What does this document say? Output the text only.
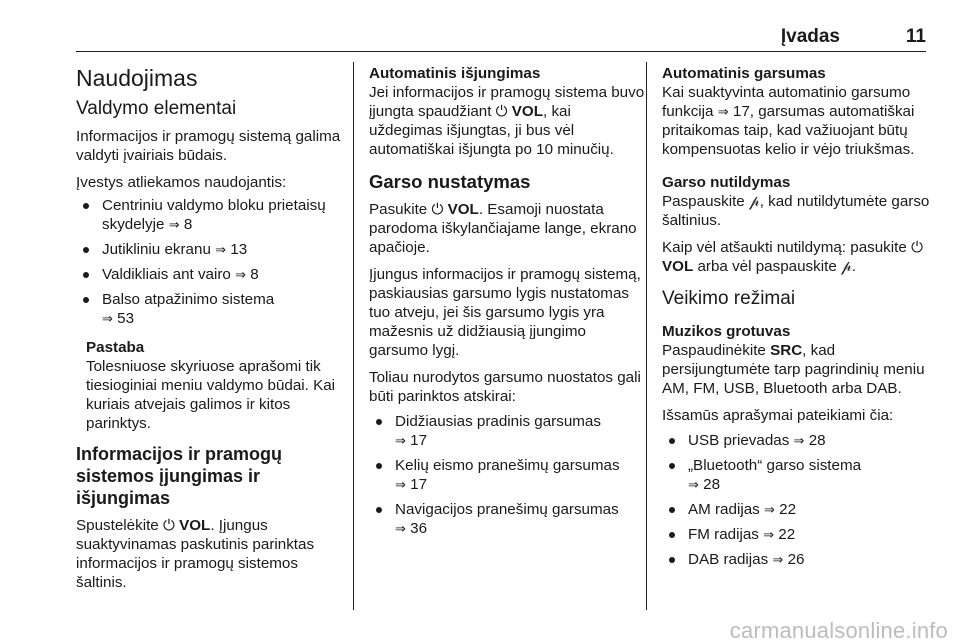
Įvadas	11
Naudojimas
Valdymo elementai
Informacijos ir pramogų sistemą galima valdyti įvairiais būdais.
Įvestys atliekamos naudojantis:
Centriniu valdymo bloku prietaisų skydelyje ⇒ 8
Jutikliniu ekranu ⇒ 13
Valdikliais ant vairo ⇒ 8
Balso atpažinimo sistema
⇒ 53
Pastaba
Tolesniuose skyriuose aprašomi tik tiesioginiai meniu valdymo būdai. Kai kuriais atvejais galimos ir kitos parinktys.
Informacijos ir pramogų sistemos įjungimas ir išjungimas
Spustelėkite ⏻ VOL. Įjungus suaktyvinamas paskutinis parinktas informacijos ir pramogų sistemos šaltinis.
Automatinis išjungimas
Jei informacijos ir pramogų sistema buvo įjungta spaudžiant ⏻ VOL, kai uždegimas išjungtas, ji bus vėl automatiškai išjungta po 10 minučių.
Garso nustatymas
Pasukite ⏻ VOL. Esamoji nuostata parodoma iškylančiajame lange, ekrano apačioje.
Įjungus informacijos ir pramogų sistemą, paskiausias garsumo lygis nustatomas tuo atveju, jei šis garsumo lygis yra mažesnis už didžiausią įjungimo garsumo lygį.
Toliau nurodytos garsumo nuostatos gali būti parinktos atskirai:
Didžiausias pradinis garsumas
⇒ 17
Kelių eismo pranešimų garsumas ⇒ 17
Navigacijos pranešimų garsumas ⇒ 36
Automatinis garsumas
Kai suaktyvinta automatinio garsumo funkcija ⇒ 17, garsumas automatiškai pritaikomas taip, kad važiuojant būtų kompensuotas kelio ir vėjo triukšmas.
Garso nutildymas
Paspauskite 𝓅, kad nutildytumėte garso šaltinius.
Kaip vėl atšaukti nutildymą: pasukite ⏻ VOL arba vėl paspauskite 𝓅.
Veikimo režimai
Muzikos grotuvas
Paspaudinėkite SRC, kad persijungtumėte tarp pagrindinių meniu AM, FM, USB, Bluetooth arba DAB.
Išsamūs aprašymai pateikiami čia:
USB prievadas ⇒ 28
„Bluetooth“ garso sistema
⇒ 28
AM radijas ⇒ 22
FM radijas ⇒ 22
DAB radijas ⇒ 26
carmanualsonline.info
